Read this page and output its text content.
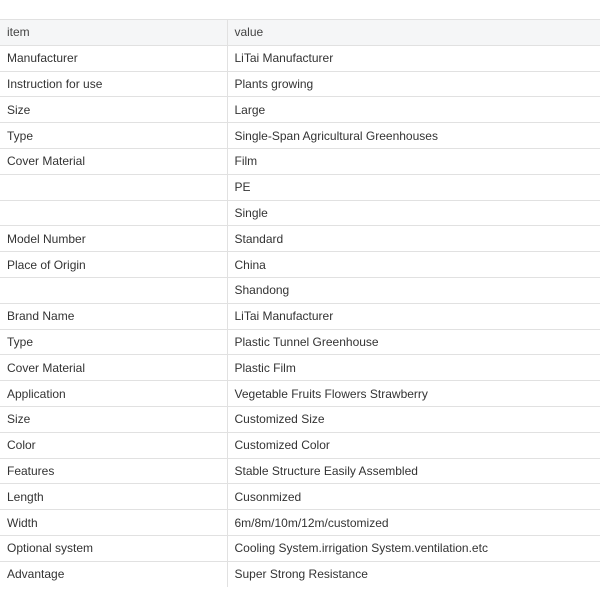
item	value
Manufacturer	LiTai Manufacturer
Instruction for use	Plants growing
Size	Large
Type	Single-Span Agricultural Greenhouses
Cover Material	Film
	PE
	Single
Model Number	Standard
Place of Origin	China
	Shandong
Brand Name	LiTai Manufacturer
Type	Plastic Tunnel Greenhouse
Cover Material	Plastic Film
Application	Vegetable Fruits Flowers Strawberry
Size	Customized Size
Color	Customized Color
Features	Stable Structure Easily Assembled
Length	Cusonmized
Width	6m/8m/10m/12m/customized
Optional system	Cooling System.irrigation System.ventilation.etc
Advantage	Super Strong Resistance
